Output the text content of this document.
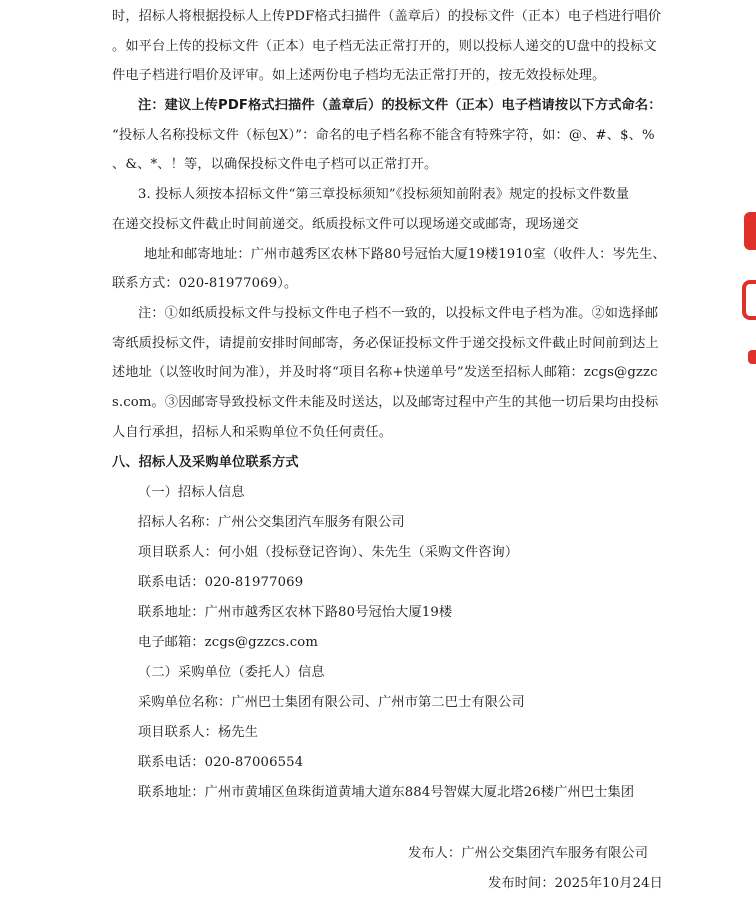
时，招标人将根据投标人上传PDF格式扫描件（盖章后）的投标文件（正本）电子档进行唱价
。如平台上传的投标文件（正本）电子档无法正常打开的，则以投标人递交的U盘中的投标文
件电子档进行唱价及评审。如上述两份电子档均无法正常打开的，按无效投标处理。
注：建议上传PDF格式扫描件（盖章后）的投标文件（正本）电子档请按以下方式命名：
“投标人名称投标文件（标包X）”：命名的电子档名称不能含有特殊字符，如：@、#、$、%
、&、*、！等，以确保投标文件电子档可以正常打开。
3. 投标人须按本招标文件“第三章投标须知”《投标须知前附表》规定的投标文件数量
在递交投标文件截止时间前递交。纸质投标文件可以现场递交或邮寄，现场递交
地址和邮寄地址：广州市越秀区农林下路80号冠怡大厦19楼1910室（收件人：岑先生、
联系方式：020-81977069）。
注：①如纸质投标文件与投标文件电子档不一致的，以投标文件电子档为准。②如选择邮
寄纸质投标文件，请提前安排时间邮寄，务必保证投标文件于递交投标文件截止时间前到达上
述地址（以签收时间为准），并及时将“项目名称+快递单号”发送至招标人邮箱：zcgs@gzzc
s.com。③因邮寄导致投标文件未能及时送达，以及邮寄过程中产生的其他一切后果均由投标
人自行承担，招标人和采购单位不负任何责任。
八、招标人及采购单位联系方式
（一）招标人信息
招标人名称：广州公交集团汽车服务有限公司
项目联系人：何小姐（投标登记咨询）、朱先生（采购文件咨询）
联系电话：020-81977069
联系地址：广州市越秀区农林下路80号冠怡大厦19楼
电子邮箱：zcgs@gzzcs.com
（二）采购单位（委托人）信息
采购单位名称：广州巴士集团有限公司、广州市第二巴士有限公司
项目联系人：杨先生
联系电话：020-87006554
联系地址：广州市黄埔区鱼珠街道黄埔大道东884号智媒大厦北塔26楼广州巴士集团
发布人：广州公交集团汽车服务有限公司
发布时间：2025年10月24日
